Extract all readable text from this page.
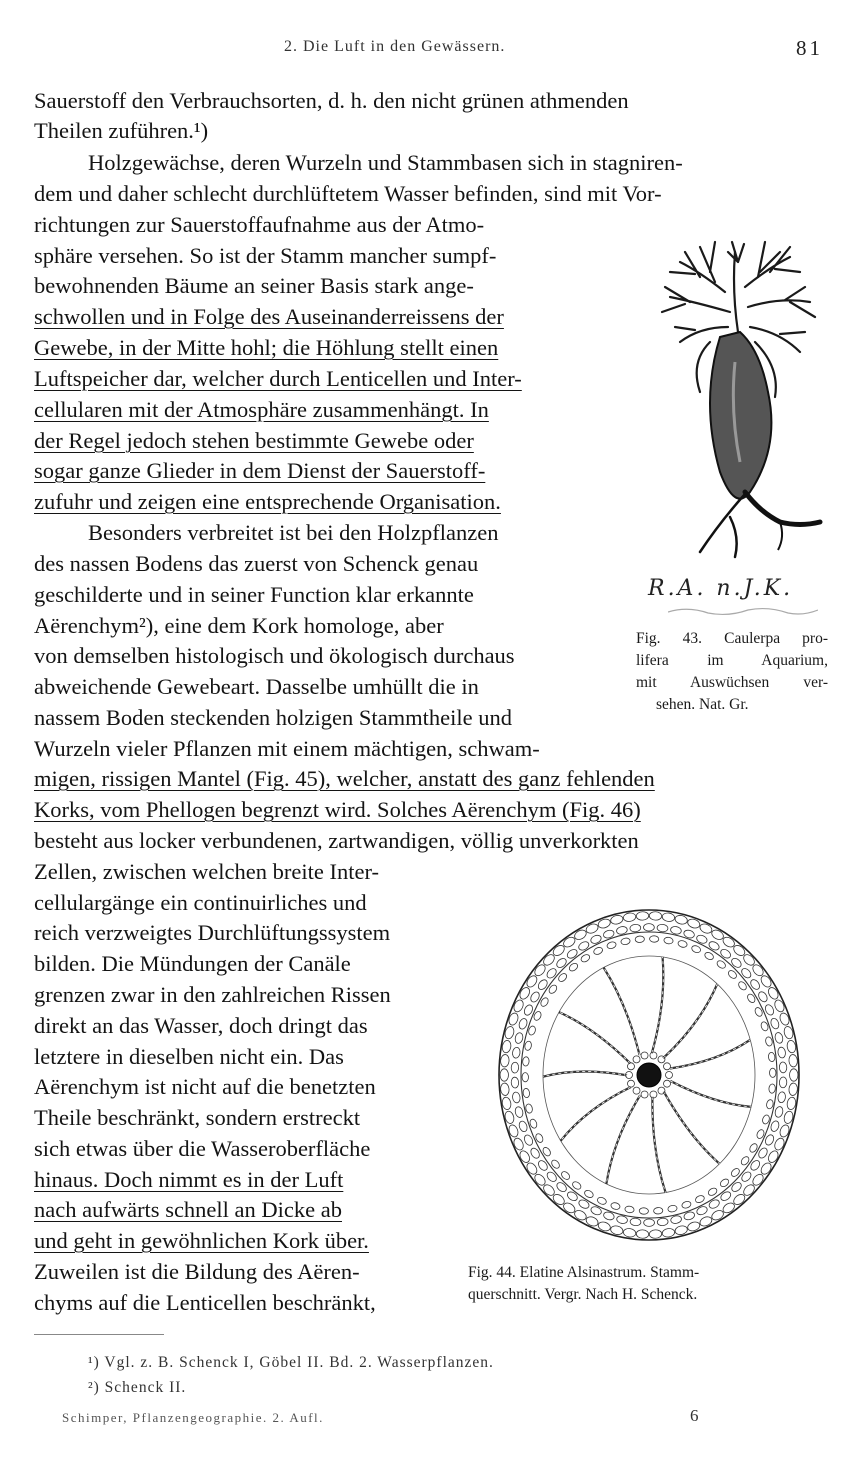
2. Die Luft in den Gewässern.	81
Sauerstoff den Verbrauchsorten, d. h. den nicht grünen athmenden
Theilen zuführen.¹)
Holzgewächse, deren Wurzeln und Stammbasen sich in stagniren-
dem und daher schlecht durchlüftetem Wasser befinden, sind mit Vor-
richtungen zur Sauerstoffaufnahme aus der Atmo-
sphäre versehen. So ist der Stamm mancher sumpf-
bewohnenden Bäume an seiner Basis stark ange-
schwollen und in Folge des Auseinanderreissens der
Gewebe, in der Mitte hohl; die Höhlung stellt einen
Luftspeicher dar, welcher durch Lenticellen und Inter-
cellularen mit der Atmosphäre zusammenhängt. In
der Regel jedoch stehen bestimmte Gewebe oder
sogar ganze Glieder in dem Dienst der Sauerstoff-
zufuhr und zeigen eine entsprechende Organisation.
Besonders verbreitet ist bei den Holzpflanzen
des nassen Bodens das zuerst von Schenck genau
geschilderte und in seiner Function klar erkannte
Aërenchym²), eine dem Kork homologe, aber
von demselben histologisch und ökologisch durchaus
abweichende Gewebeart. Dasselbe umhüllt die in
nassem Boden steckenden holzigen Stammtheile und
Wurzeln vieler Pflanzen mit einem mächtigen, schwam-
migen, rissigen Mantel (Fig. 45), welcher, anstatt des ganz fehlenden
Korks, vom Phellogen begrenzt wird. Solches Aërenchym (Fig. 46)
besteht aus locker verbundenen, zartwandigen, völlig unverkorkten
Zellen, zwischen welchen breite Inter-
cellulargänge ein continuirliches und
reich verzweigtes Durchlüftungssystem
bilden. Die Mündungen der Canäle
grenzen zwar in den zahlreichen Rissen
direkt an das Wasser, doch dringt das
letztere in dieselben nicht ein. Das
Aërenchym ist nicht auf die benetzten
Theile beschränkt, sondern erstreckt
sich etwas über die Wasseroberfläche
hinaus. Doch nimmt es in der Luft
nach aufwärts schnell an Dicke ab
und geht in gewöhnlichen Kork über.
Zuweilen ist die Bildung des Aëren-
chyms auf die Lenticellen beschränkt,
R.A. n.J.K.
Fig. 43. Caulerpa pro-
lifera im Aquarium,
mit Auswüchsen ver-
sehen. Nat. Gr.
Fig. 44. Elatine Alsinastrum. Stamm-
querschnitt. Vergr. Nach H. Schenck.
¹) Vgl. z. B. Schenck I, Göbel II. Bd. 2. Wasserpflanzen.
²) Schenck II.
Schimper, Pflanzengeographie. 2. Aufl.	6
